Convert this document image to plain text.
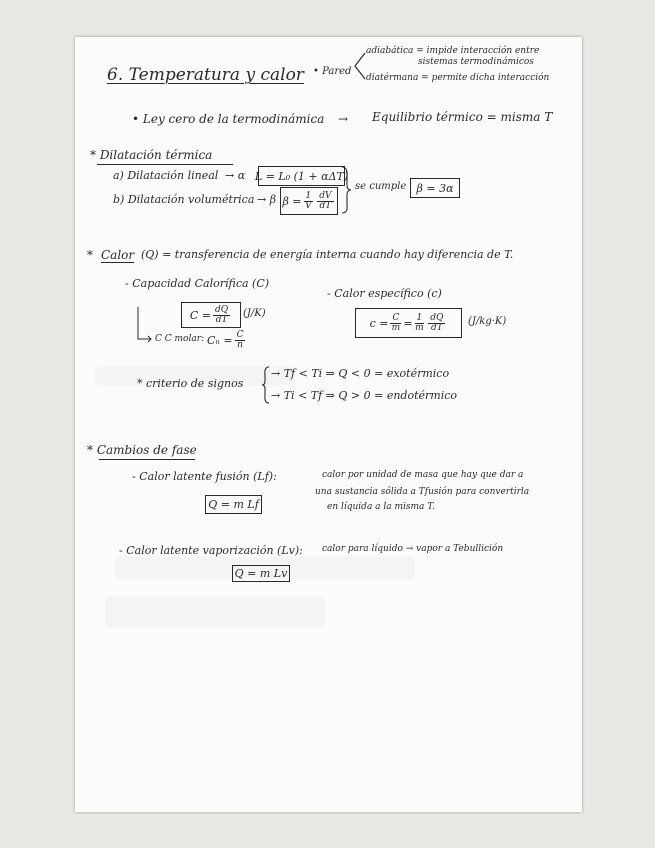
6. Temperatura y calor • Pared
adiabática = impide interacción entre
sistemas termodinámicos
diatérmana = permite dicha interacción
• Ley cero de la termodinámica → Equilibrio térmico = misma T
* Dilatación térmica
a) Dilatación lineal → α L = L₀ (1 + αΔT)
b) Dilatación volumétrica → β $\beta = \frac{1}{V} \frac{dV}{dT}$
se cumple β = 3α
* Calor (Q) = transferencia de energía interna cuando hay diferencia de T.
- Capacidad Calorífica (C)
$C = \frac{dQ}{dT} (J/K)$
- Calor específico (c)
$c = \frac{C}{m} = \frac{1}{m} \frac{dQ}{dT} (J/kg\cdot K)$
C C molar: $C_n = \frac{C}{n}$
* criterio de signos
→ Tf < Ti ⇒ Q < 0 = exotérmico
→ Ti < Tf ⇒ Q > 0 = endotérmico
* Cambios de fase
- Calor latente fusión (Lf):	calor por unidad de masa que hay que dar a
una sustancia sólida a Tfusión para convertirla
en líquida a la misma T.
Q = m Lf
- Calor latente vaporización (Lv): calor para líquido → vapor a Tebullición
Q = m Lv
